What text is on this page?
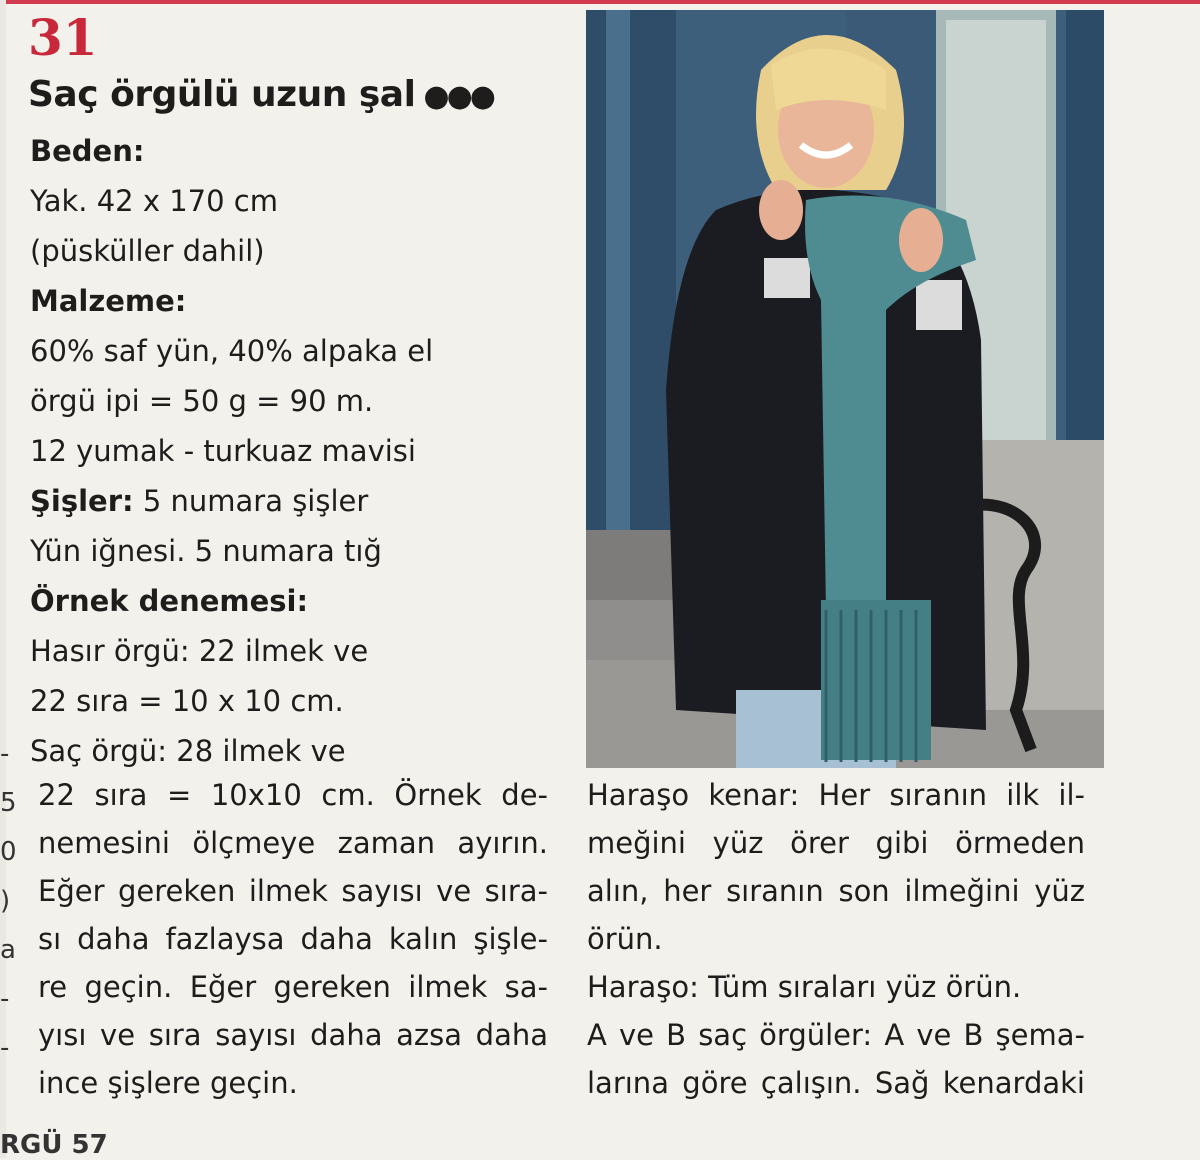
31
Saç örgülü uzun şal ●●●
Beden:
Yak. 42 x 170 cm
(püsküller dahil)
Malzeme:
60% saf yün, 40% alpaka el
örgü ipi = 50 g = 90 m.
12 yumak - turkuaz mavisi
Şişler: 5 numara şişler
Yün iğnesi. 5 numara tığ
Örnek denemesi:
Hasır örgü: 22 ilmek ve
22 sıra = 10 x 10 cm.
Saç örgü: 28 ilmek ve
22 sıra = 10x10 cm. Örnek de-
nemesini ölçmeye zaman ayırın.
Eğer gereken ilmek sayısı ve sıra-
sı daha fazlaysa daha kalın şişle-
re geçin. Eğer gereken ilmek sa-
yısı ve sıra sayısı daha azsa daha
ince şişlere geçin.
Haraşo kenar: Her sıranın ilk il-
meğini yüz örer gibi örmeden
alın, her sıranın son ilmeğini yüz
örün.
Haraşo: Tüm sıraları yüz örün.
A ve B saç örgüler: A ve B şema-
larına göre çalışın. Sağ kenardaki
-
5
0
)
a
-
-
RGÜ 57
